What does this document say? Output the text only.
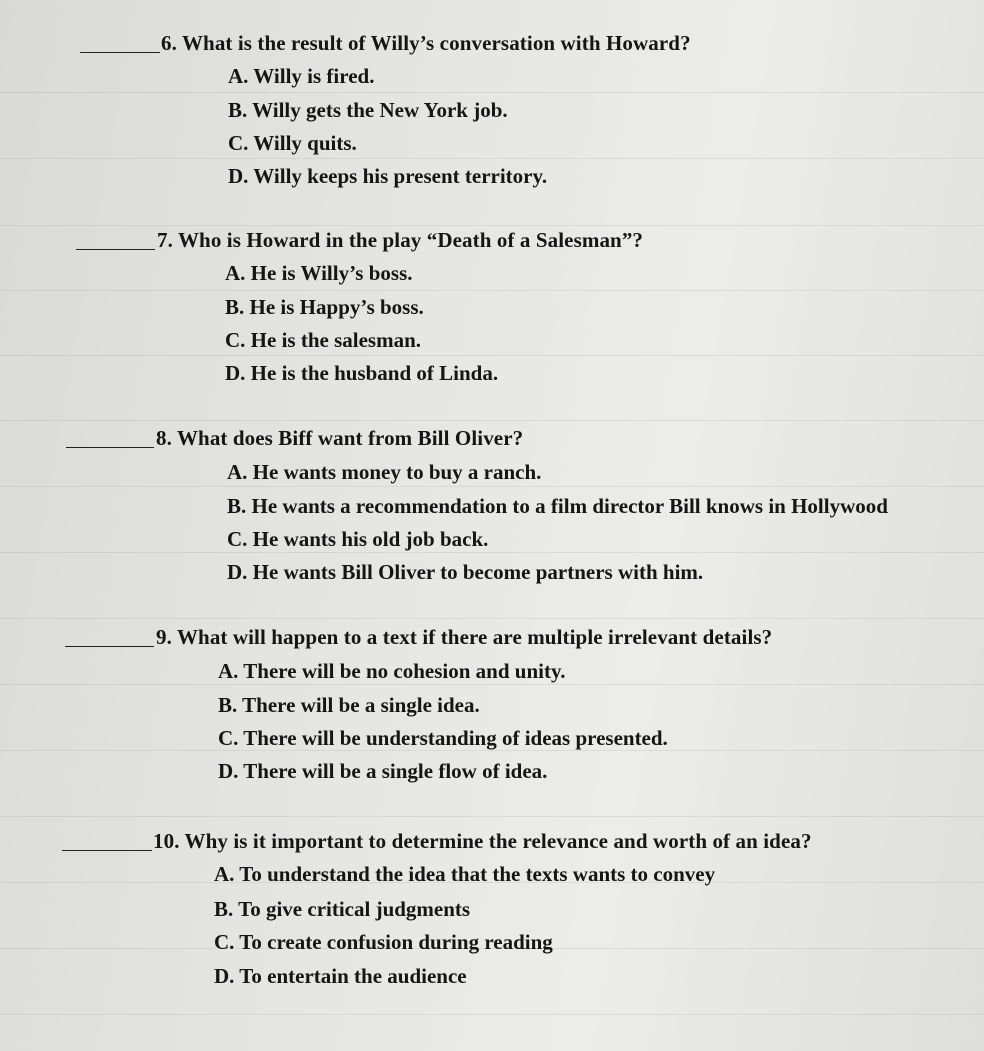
6. What is the result of Willy’s conversation with Howard?
A. Willy is fired.
B. Willy gets the New York job.
C. Willy quits.
D. Willy keeps his present territory.
7. Who is Howard in the play “Death of a Salesman”?
A. He is Willy’s boss.
B. He is Happy’s boss.
C. He is the salesman.
D. He is the husband of Linda.
8. What does Biff want from Bill Oliver?
A. He wants money to buy a ranch.
B. He wants a recommendation to a film director Bill knows in Hollywood
C. He wants his old job back.
D. He wants Bill Oliver to become partners with him.
9. What will happen to a text if there are multiple irrelevant details?
A. There will be no cohesion and unity.
B. There will be a single idea.
C. There will be understanding of ideas presented.
D. There will be a single flow of idea.
10. Why is it important to determine the relevance and worth of an idea?
A. To understand the idea that the texts wants to convey
B. To give critical judgments
C. To create confusion during reading
D. To entertain the audience
